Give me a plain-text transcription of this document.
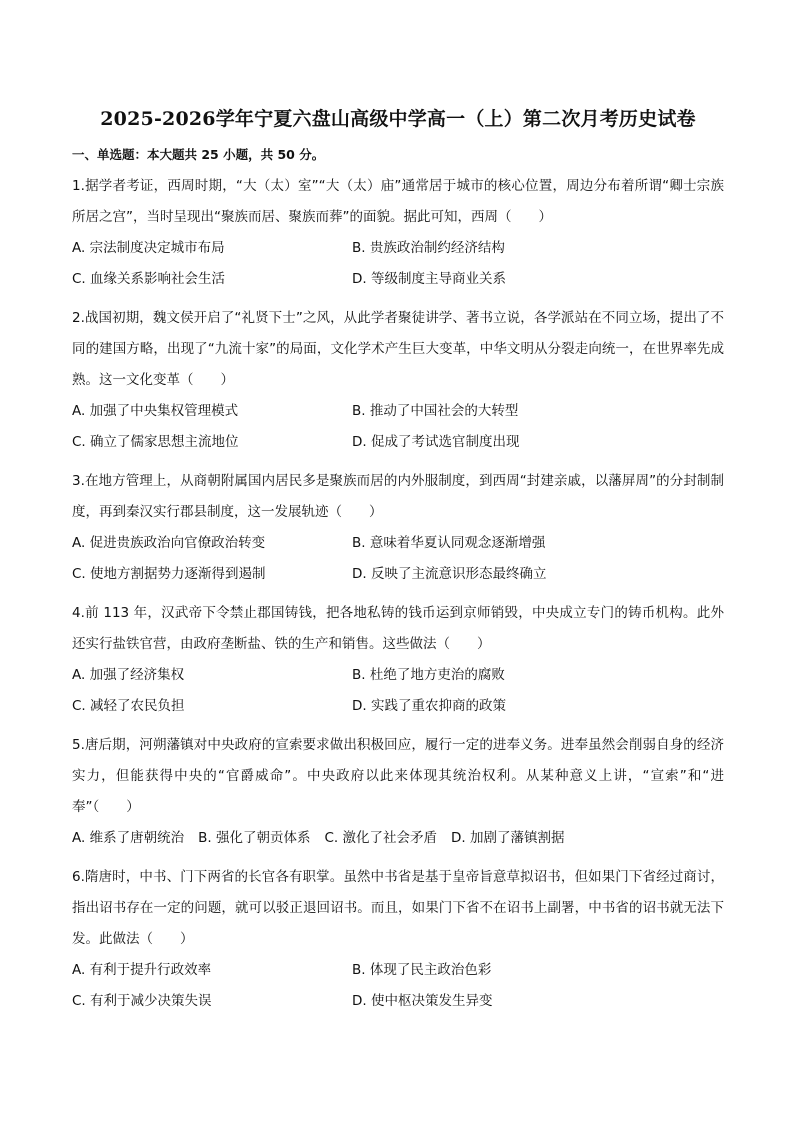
2025-2026学年宁夏六盘山高级中学高一（上）第二次月考历史试卷
一、单选题：本大题共 25 小题，共 50 分。
1.据学者考证，西周时期，“大（太）室”“大（太）庙”通常居于城市的核心位置，周边分布着所谓“卿士宗族所居之宫”，当时呈现出“聚族而居、聚族而葬”的面貌。据此可知，西周（　　）
A. 宗法制度决定城市布局	B. 贵族政治制约经济结构
C. 血缘关系影响社会生活	D. 等级制度主导商业关系
2.战国初期，魏文侯开启了“礼贤下士”之风，从此学者聚徒讲学、著书立说，各学派站在不同立场，提出了不同的建国方略，出现了“九流十家”的局面，文化学术产生巨大变革，中华文明从分裂走向统一，在世界率先成熟。这一文化变革（　　）
A. 加强了中央集权管理模式	B. 推动了中国社会的大转型
C. 确立了儒家思想主流地位	D. 促成了考试选官制度出现
3.在地方管理上，从商朝附属国内居民多是聚族而居的内外服制度，到西周“封建亲戚，以藩屏周”的分封制制度，再到秦汉实行郡县制度，这一发展轨迹（　　）
A. 促进贵族政治向官僚政治转变	B. 意味着华夏认同观念逐渐增强
C. 使地方割据势力逐渐得到遏制	D. 反映了主流意识形态最终确立
4.前 113 年，汉武帝下令禁止郡国铸钱，把各地私铸的钱币运到京师销毁，中央成立专门的铸币机构。此外还实行盐铁官营，由政府垄断盐、铁的生产和销售。这些做法（　　）
A. 加强了经济集权	B. 杜绝了地方吏治的腐败
C. 减轻了农民负担	D. 实践了重农抑商的政策
5.唐后期，河朔藩镇对中央政府的宣索要求做出积极回应，履行一定的进奉义务。进奉虽然会削弱自身的经济实力，但能获得中央的“官爵威命”。中央政府以此来体现其统治权利。从某种意义上讲，“宣索”和“进奉”（　　）
A. 维系了唐朝统治 B. 强化了朝贡体系 C. 激化了社会矛盾 D. 加剧了藩镇割据
6.隋唐时，中书、门下两省的长官各有职掌。虽然中书省是基于皇帝旨意草拟诏书，但如果门下省经过商讨，指出诏书存在一定的问题，就可以驳正退回诏书。而且，如果门下省不在诏书上副署，中书省的诏书就无法下发。此做法（　　）
A. 有利于提升行政效率	B. 体现了民主政治色彩
C. 有利于减少决策失误	D. 使中枢决策发生异变
